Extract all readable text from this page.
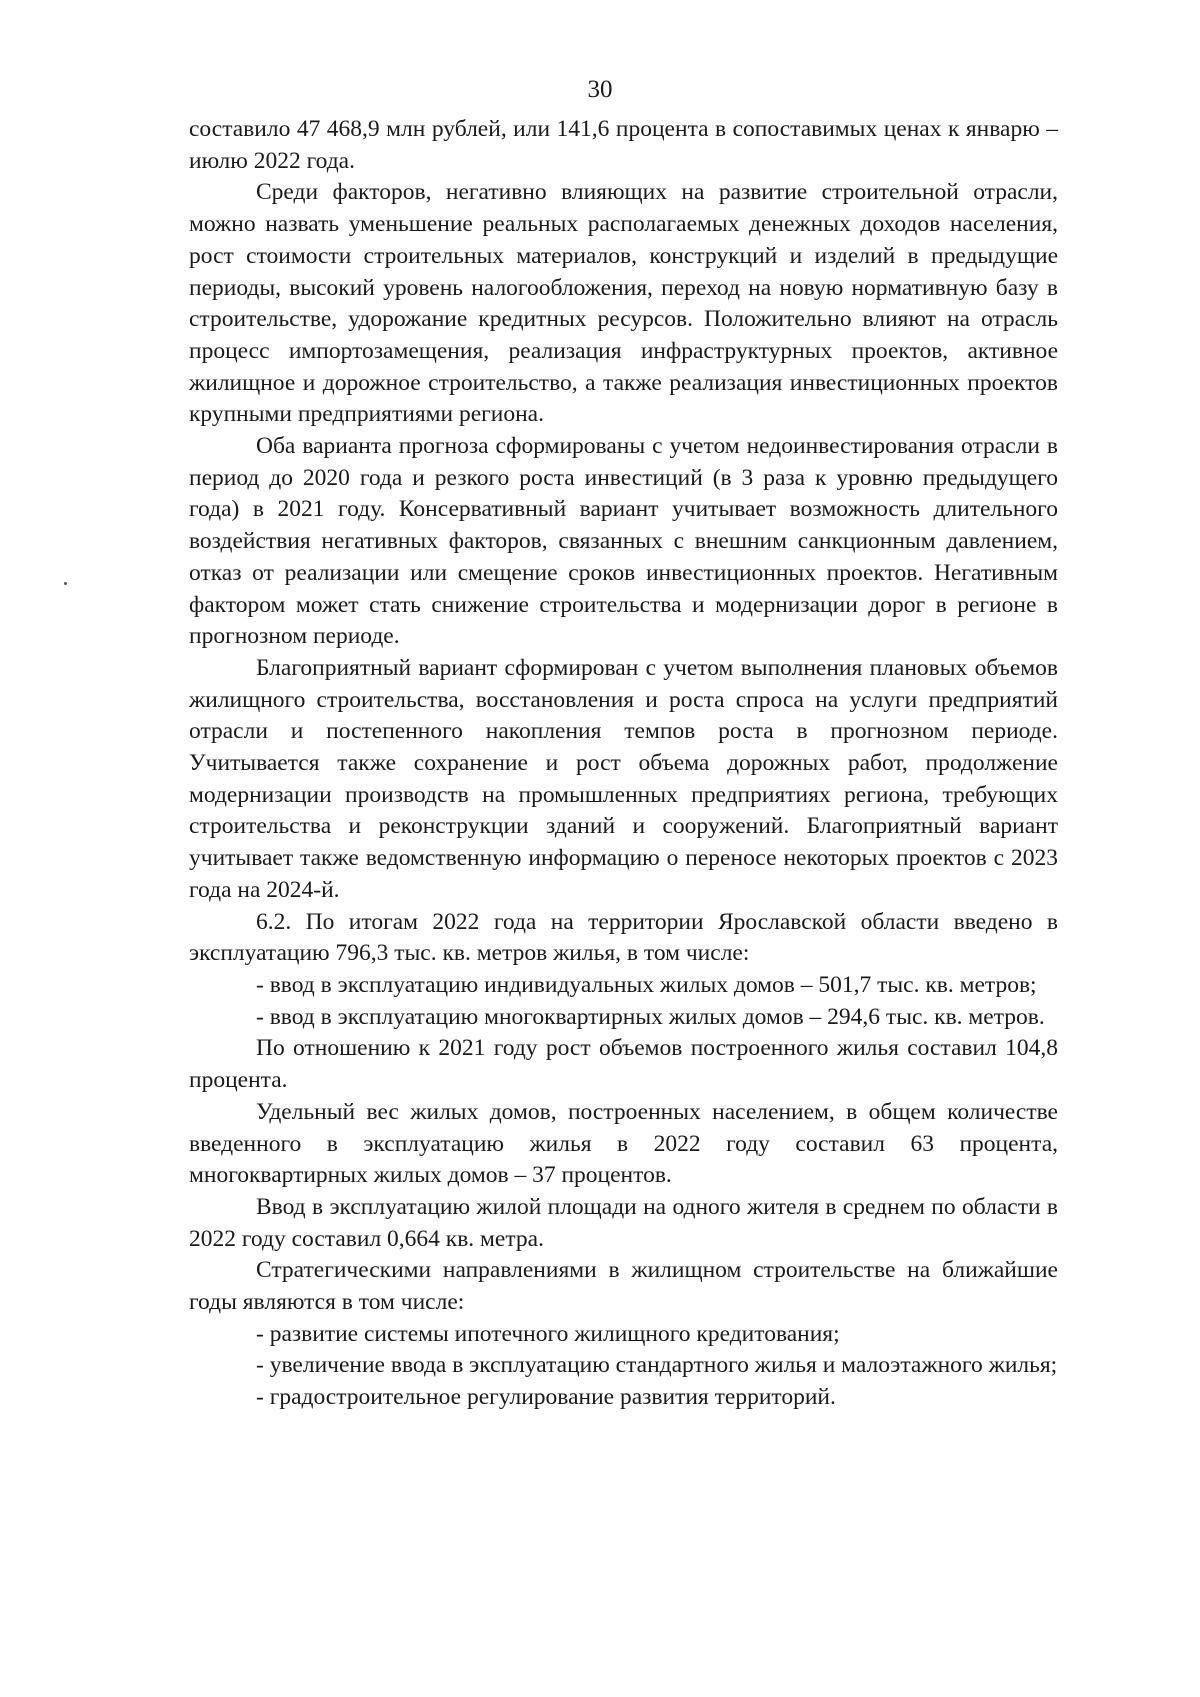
30

составило 47 468,9 млн рублей, или 141,6 процента в сопоставимых ценах к январю – июлю 2022 года.

Среди факторов, негативно влияющих на развитие строительной отрасли, можно назвать уменьшение реальных располагаемых денежных доходов населения, рост стоимости строительных материалов, конструкций и изделий в предыдущие периоды, высокий уровень налогообложения, переход на новую нормативную базу в строительстве, удорожание кредитных ресурсов. Положительно влияют на отрасль процесс импортозамещения, реализация инфраструктурных проектов, активное жилищное и дорожное строительство, а также реализация инвестиционных проектов крупными предприятиями региона.

Оба варианта прогноза сформированы с учетом недоинвестирования отрасли в период до 2020 года и резкого роста инвестиций (в 3 раза к уровню предыдущего года) в 2021 году. Консервативный вариант учитывает возможность длительного воздействия негативных факторов, связанных с внешним санкционным давлением, отказ от реализации или смещение сроков инвестиционных проектов. Негативным фактором может стать снижение строительства и модернизации дорог в регионе в прогнозном периоде.

Благоприятный вариант сформирован с учетом выполнения плановых объемов жилищного строительства, восстановления и роста спроса на услуги предприятий отрасли и постепенного накопления темпов роста в прогнозном периоде. Учитывается также сохранение и рост объема дорожных работ, продолжение модернизации производств на промышленных предприятиях региона, требующих строительства и реконструкции зданий и сооружений. Благоприятный вариант учитывает также ведомственную информацию о переносе некоторых проектов с 2023 года на 2024-й.

6.2. По итогам 2022 года на территории Ярославской области введено в эксплуатацию 796,3 тыс. кв. метров жилья, в том числе:

- ввод в эксплуатацию индивидуальных жилых домов – 501,7 тыс. кв. метров;

- ввод в эксплуатацию многоквартирных жилых домов – 294,6 тыс. кв. метров.

По отношению к 2021 году рост объемов построенного жилья составил 104,8 процента.

Удельный вес жилых домов, построенных населением, в общем количестве введенного в эксплуатацию жилья в 2022 году составил 63 процента, многоквартирных жилых домов – 37 процентов.

Ввод в эксплуатацию жилой площади на одного жителя в среднем по области в 2022 году составил 0,664 кв. метра.

Стратегическими направлениями в жилищном строительстве на ближайшие годы являются в том числе:

- развитие системы ипотечного жилищного кредитования;

- увеличение ввода в эксплуатацию стандартного жилья и малоэтажного жилья;

- градостроительное регулирование развития территорий.
